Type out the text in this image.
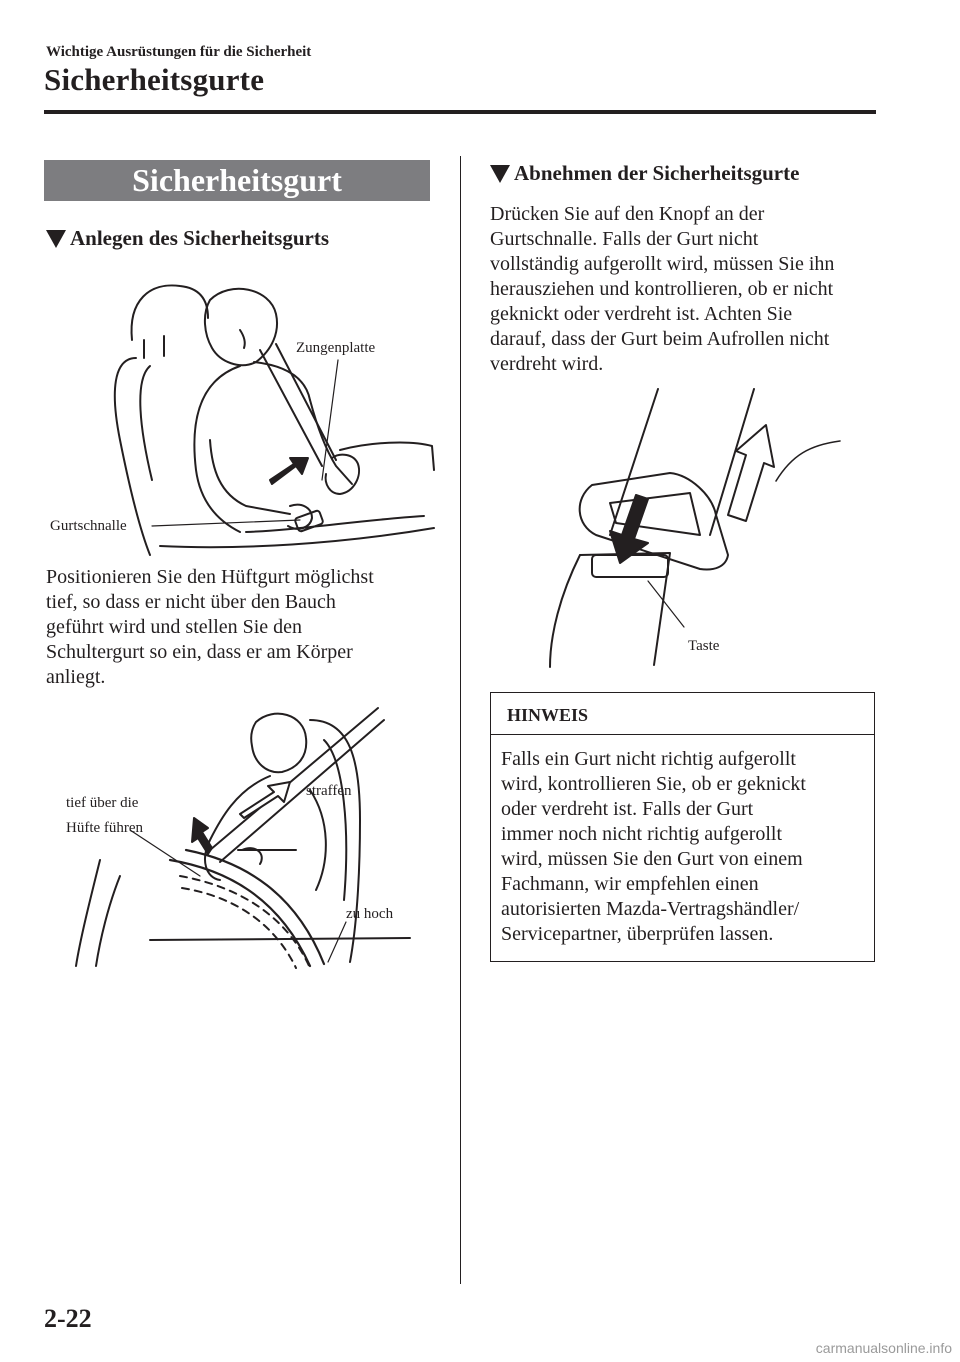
Wichtige Ausrüstungen für die Sicherheit
Sicherheitsgurte
Sicherheitsgurt
Anlegen des Sicherheitsgurts
Zungenplatte
Gurtschnalle
Positionieren Sie den Hüftgurt möglichst
tief, so dass er nicht über den Bauch
geführt wird und stellen Sie den
Schultergurt so ein, dass er am Körper
anliegt.
tief über die
Hüfte führen
straffen
zu hoch
Abnehmen der Sicherheitsgurte
Drücken Sie auf den Knopf an der
Gurtschnalle. Falls der Gurt nicht
vollständig aufgerollt wird, müssen Sie ihn
herausziehen und kontrollieren, ob er nicht
geknickt oder verdreht ist. Achten Sie
darauf, dass der Gurt beim Aufrollen nicht
verdreht wird.
Taste
HINWEIS
Falls ein Gurt nicht richtig aufgerollt
wird, kontrollieren Sie, ob er geknickt
oder verdreht ist. Falls der Gurt
immer noch nicht richtig aufgerollt
wird, müssen Sie den Gurt von einem
Fachmann, wir empfehlen einen
autorisierten Mazda-Vertragshändler/
Servicepartner, überprüfen lassen.
2-22
carmanualsonline.info
